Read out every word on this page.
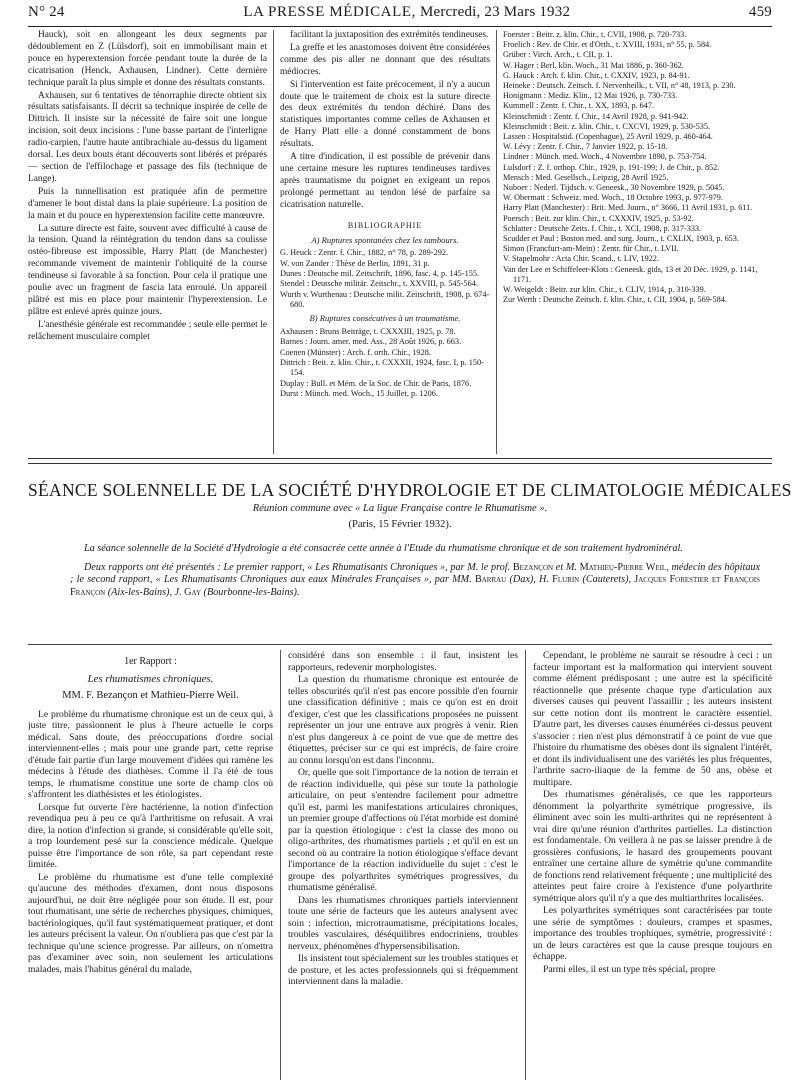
N° 24	LA PRESSE MÉDICALE, Mercredi, 23 Mars 1932	459

Hauck), soit en allongeant les deux segments par dédoublement en Z (Lülsdorf), soit en immobilisant main et pouce en hyperextension forcée pendant toute la durée de la cicatrisation (Henck, Axhausen, Lindner). Cette dernière technique paraît la plus simple et donne des résultats constants.

Axhausen, sur 6 tentatives de ténorraphie directe obtient six résultats satisfaisants. Il décrit sa technique inspirée de celle de Dittrich. Il insiste sur la nécessité de faire soit une longue incision, soit deux incisions : l'une basse partant de l'interligne radio-carpien, l'autre haute antibrachiale au-dessus du ligament dorsal. Les deux bouts étant découverts sont libérés et préparés — section de l'effilochage et passage des fils (technique de Lange).

Puis la tunnellisation est pratiquée afin de permettre d'amener le bout distal dans la plaie supérieure. La position de la main et du pouce en hyperextension facilite cette manœuvre.

La suture directe est faite, souvent avec difficulté à cause de la tension. Quand la réintégration du tendon dans sa coulisse ostéo-fibreuse est impossible, Harry Platt (de Manchester) recommande vivement de maintenir l'obliquité de la course tendineuse si favorable à sa fonction. Pour cela il pratique une poulie avec un fragment de fascia lata enroulé. Un appareil plâtré est mis en place pour maintenir l'hyperextension. Le plâtre est enlevé après quinze jours.

L'anesthésie générale est recommandée ; seule elle permet le relâchement musculaire complet

facilitant la juxtaposition des extrémités tendineuses.

La greffe et les anastomoses doivent être considérées comme des pis aller ne donnant que des résultats médiocres.

Si l'intervention est faite précocement, il n'y a aucun doute que le traitement de choix est la suture directe des deux extrémités du tendon déchiré. Dans des statistiques importantes comme celles de Axhausen et de Harry Platt elle a donné constamment de bons résultats.

A titre d'indication, il est possible de prévenir dans une certaine mesure les ruptures tendineuses tardives après traumatisme du poignet en exigeant un repos prolongé permettant au tendon lésé de parfaire sa cicatrisation naturelle.

BIBLIOGRAPHIE
A) Ruptures spontanées chez les tambours.

G. Heuck : Zentr. f. Chir., 1882, n° 78, p. 289-292.

W. von Zander : Thèse de Berlin, 1891, 31 p.

Dunes : Deutsche mil. Zeitschrift, 1896, fasc. 4, p. 145-155.

Stendel : Deutsche militär. Zeitschr., t. XXVIII, p. 545-564.

Wurth v. Wurthenau : Deutsche milit. Zeitschrift, 1908, p. 674-680.

B) Ruptures consécutives à un traumatisme.

Axhausen : Bruns Beiträge, t. CXXXIII, 1925, p. 78.

Barnes : Journ. amer. med. Ass., 28 Août 1926, p. 663.

Coenen (Münster) : Arch. f. orth. Chir., 1928.

Dittrich : Beit. z. klin. Chir., t. CXXXII, 1924, fasc. I, p. 150-154.

Duplay : Bull. et Mém. de la Soc. de Chir. de Paris, 1876.

Durst : Münch. med. Woch., 15 Juillet, p. 1206.

Foerster : Beitr. z. klin. Chir., t. CVII, 1908, p. 720-733.

Froelich : Rev. de Chir. et d'Orth., t. XVIII, 1931, n° 55, p. 584.

Grüber : Virch. Arch., t. CII, p. 1.

W. Hager : Berl. klin. Woch., 31 Mai 1886, p. 360-362.

G. Hauck : Arch. f. klin. Chir., t. CXXIV, 1923, p. 84-91.

Heineke : Deutsch. Zeitsch. f. Nervenheilk., t. VII, n° 48, 1913, p. 230.

Honigmann : Mediz. Klin., 12 Mai 1926, p. 730-733.

Kummell : Zentr. f. Chir., t. XX, 1893, p. 647.

Kleinschmidt : Zentr. f. Chir., 14 Avril 1928, p. 941-942.

Kleinschmidt : Beit. z. klin. Chir., t. CXCVI, 1929, p. 530-535.

Lassen : Hospitalstid. (Copenhague), 25 Avril 1929, p. 460-464.

W. Lévy : Zentr. f. Chir., 7 Janvier 1922, p. 15-18.

Lindner : Münch. med. Woch., 4 Novembre 1890, p. 753-754.

Lulsdorf : Z. f. orthop. Chir., 1929, p. 191-199; J. de Chir., p. 852.

Mensch : Med. Gesellsch., Leipzig, 28 Avril 1925.

Nuboer : Nederl. Tijdsch. v. Geneesk., 30 Novembre 1929, p. 5045.

W. Obermatt : Schweiz. med. Woch., 18 Octobre 1993, p. 977-979.

Harry Platt (Manchester) : Brit. Med. Journ., n° 3666, 11 Avril 1931, p. 611.

Poersch : Beit. zur klin. Chir., t. CXXXIV, 1925, p. 53-92.

Schlatter : Deutsche Zeits. f. Chir., t. XCI, 1908, p. 317-333.

Scudder et Paul : Boston med. and surg. Journ., t. CXLIX, 1903, p. 653.

Simon (Francfurt-am-Mein) : Zentr. für Chir., t. LVII.

V. Stapelmohr : Acta Chir. Scand., t. LIV, 1922.

Van der Lee et Schiffeleer-Klots : Geneesk. gids, 13 et 20 Déc. 1929, p. 1141, 1171.

W. Weigeldt : Beitr. zur klin. Chir., t. CLIV, 1914, p. 310-339.

Zur Werth : Deutsche Zeitsch. f. klin. Chir., t. CII, 1904, p. 569-584.

SÉANCE SOLENNELLE DE LA SOCIÉTÉ D'HYDROLOGIE ET DE CLIMATOLOGIE MÉDICALES
Réunion commune avec « La ligue Française contre le Rhumatisme ».
(Paris, 15 Février 1932).

La séance solennelle de la Société d'Hydrologie a été consacrée cette année à l'Etude du rhumatisme chronique et de son traitement hydrominéral.

Deux rapports ont été présentés : Le premier rapport, « Les Rhumatisants Chroniques », par M. le prof. Bezançon et M. Mathieu-Pierre Weil, médecin des hôpitaux ; le second rapport, « Les Rhumatisants Chroniques aux eaux Minérales Françaises », par MM. Barrau (Dax), H. Flurin (Cauterets), Jacques Forestier et François Françon (Aix-les-Bains), J. Gay (Bourbonne-les-Bains).

1er Rapport :
Les rhumatismes chroniques.
MM. F. Bezançon et Mathieu-Pierre Weil.

Le problème du rhumatisme chronique est un de ceux qui, à juste titre, passionnent le plus à l'heure actuelle le corps médical. Sans doute, des préoccupations d'ordre social interviennent-elles ; mais pour une grande part, cette reprise d'étude fait partie d'un large mouvement d'idées qui ramène les médecins à l'étude des diathèses. Comme il l'a été de tous temps, le rhumatisme constitue une sorte de champ clos où s'affrontent les diathésistes et les étiologistes.

Lorsque fut ouverte l'ère bactérienne, la notion d'infection revendiqua peu à peu ce qu'à l'arthritisme on refusait. A vrai dire, la notion d'infection si grande, si considérable qu'elle soit, a trop lourdement pesé sur la conscience médicale. Quelque puisse être l'importance de son rôle, sa part cependant reste limitée.

Le problème du rhumatisme est d'une telle complexité qu'aucune des méthodes d'examen, dont nous disposons aujourd'hui, ne doit être négligée pour son étude. Il est, pour tout rhumatisant, une série de recherches physiques, chimiques, bactériologiques, qu'il faut systématiquement pratiquer, et dont les auteurs précisent la valeur. On n'oubliera pas que c'est par la technique qu'une science progresse. Par ailleurs, on n'omettra pas d'examiner avec soin, non seulement les articulations malades, mais l'habitus général du malade,

considéré dans son ensemble : il faut, insistent les rapporteurs, redevenir morphologistes.

La question du rhumatisme chronique est entourée de telles obscurités qu'il n'est pas encore possible d'en fournir une classification définitive ; mais ce qu'on est en droit d'exiger, c'est que les classifications proposées ne puissent représenter un jour une entrave aux progrès à venir. Rien n'est plus dangereux à ce point de vue que de mettre des étiquettes, préciser sur ce qui est imprécis, de faire croire au connu lorsqu'on est dans l'inconnu.

Or, quelle que soit l'importance de la notion de terrain et de réaction individuelle, qui pèse sur toute la pathologie articulaire, on peut s'entendre facilement pour admettre qu'il est, parmi les manifestations articulaires chroniques, un premier groupe d'affections où l'état morbide est dominé par la question étiologique : c'est la classe des mono ou oligo-arthrites, des rhumatismes partiels ; et qu'il en est un second où au contraire la notion étiologique s'efface devant l'importance de la réaction individuelle du sujet : c'est le groupe des polyarthrites symétriques progressives, du rhumatisme généralisé.

Dans les rhumatismes chroniques partiels interviennent toute une série de facteurs que les auteurs analysent avec soin : infection, microtraumatisme, précipitations locales, troubles vasculaires, déséquilibres endocriniens, troubles nerveux, phénomènes d'hypersensibilisation.

Ils insistent tout spécialement sur les troubles statiques et de posture, et les actes professionnels qui si fréquemment interviennent dans la maladie.

Cependant, le problème ne saurait se résoudre à ceci : un facteur important est la malformation qui intervient souvent comme élément prédisposant ; une autre est la spécificité réactionnelle que présente chaque type d'articulation aux diverses causes qui peuvent l'assaillir ; les auteurs insistent sur cette notion dont ils montrent le caractère essentiel. D'autre part, les diverses causes énumérées ci-dessus peuvent s'associer : rien n'est plus démonstratif à ce point de vue que l'histoire du rhumatisme des obèses dont ils signalent l'intérêt, et dont ils individualisent une des variétés les plus fréquentes, l'arthrite sacro-iliaque de la femme de 50 ans, obèse et multipare.

Des rhumatismes généralisés, ce que les rapporteurs dénomment la polyarthrite symétrique progressive, ils éliminent avec soin les multi-arthrites qui ne représentent à vrai dire qu'une réunion d'arthrites partielles. La distinction est fondamentale. On veillera à ne pas se laisser prendre à de grossières confusions, le hasard des groupements pouvant entraîner une certaine allure de symétrie qu'une commandite de fonctions rend relativement fréquente ; une multiplicité des atteintes peut faire croire à l'existence d'une polyarthrite symétrique alors qu'il n'y a que des multiarthrites localisées.

Les polyarthrites symétriques sont caractérisées par toute une série de symptômes : douleurs, crampes et spasmes, importance des troubles trophiques, symétrie, progressivité : un de leurs caractères est que la cause presque toujours en échappe.

Parmi elles, il est un type très spécial, propre
